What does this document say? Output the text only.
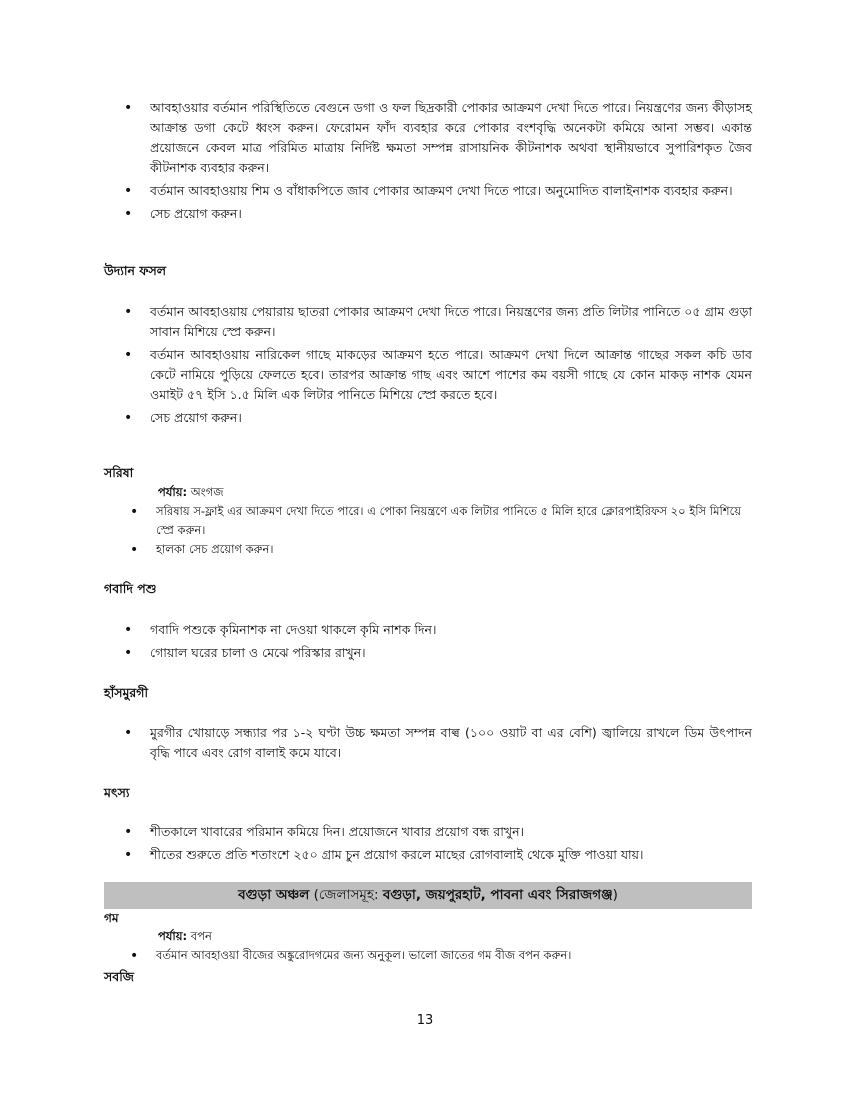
• আবহাওয়ার বর্তমান পরিস্থিতিতে বেগুনে ডগা ও ফল ছিদ্রকারী পোকার আক্রমণ দেখা দিতে পারে। নিয়ন্ত্রণের জন্য কীড়াসহ আক্রান্ত ডগা কেটে ধ্বংস করুন। ফেরোমন ফাঁদ ব্যবহার করে পোকার বংশবৃদ্ধি অনেকটা কমিয়ে আনা সম্ভব। একান্ত প্রয়োজনে কেবল মাত্র পরিমিত মাত্রায় নির্দিষ্ট ক্ষমতা সম্পন্ন রাসায়নিক কীটনাশক অথবা স্থানীয়ভাবে সুপারিশকৃত জৈব কীটনাশক ব্যবহার করুন।
• বর্তমান আবহাওয়ায় শিম ও বাঁধাকপিতে জাব পোকার আক্রমণ দেখা দিতে পারে। অনুমোদিত বালাইনাশক ব্যবহার করুন।
• সেচ প্রয়োগ করুন।
উদ্যান ফসল
• বর্তমান আবহাওয়ায় পেয়ারায় ছাতরা পোকার আক্রমণ দেখা দিতে পারে। নিয়ন্ত্রণের জন্য প্রতি লিটার পানিতে ০৫ গ্রাম গুড়া সাবান মিশিয়ে স্প্রে করুন।
• বর্তমান আবহাওয়ায় নারিকেল গাছে মাকড়ের আক্রমণ হতে পারে। আক্রমণ দেখা দিলে আক্রান্ত গাছের সকল কচি ডাব কেটে নামিয়ে পুড়িয়ে ফেলতে হবে। তারপর আক্রান্ত গাছ এবং আশে পাশের কম বয়সী গাছে যে কোন মাকড় নাশক যেমন ওমাইট ৫৭ ইসি ১.৫ মিলি এক লিটার পানিতে মিশিয়ে স্প্রে করতে হবে।
• সেচ প্রয়োগ করুন।
সরিষা
পর্যায়: অংগজ
• সরিষায় স-ফ্লাই এর আক্রমণ দেখা দিতে পারে। এ পোকা নিয়ন্ত্রণে এক লিটার পানিতে ৫ মিলি হারে ক্লোরপাইরিফস ২০ ইসি মিশিয়ে স্প্রে করুন।
• হালকা সেচ প্রয়োগ করুন।
গবাদি পশু
• গবাদি পশুকে কৃমিনাশক না দেওয়া থাকলে কৃমি নাশক দিন।
• গোয়াল ঘরের চালা ও মেঝে পরিস্কার রাখুন।
হাঁসমুরগী
• মুরগীর খোয়াড়ে সন্ধ্যার পর ১-২ ঘণ্টা উচ্চ ক্ষমতা সম্পন্ন বাল্ব (১০০ ওয়াট বা এর বেশি) জ্বালিয়ে রাখলে ডিম উৎপাদন বৃদ্ধি পাবে এবং রোগ বালাই কমে যাবে।
মৎস্য
• শীতকালে খাবারের পরিমান কমিয়ে দিন। প্রয়োজনে খাবার প্রয়োগ বন্ধ রাখুন।
• শীতের শুরুতে প্রতি শতাংশে ২৫০ গ্রাম চুন প্রয়োগ করলে মাছের রোগবালাই থেকে মুক্তি পাওয়া যায়।
বগুড়া অঞ্চল (জেলাসমূহ: বগুড়া, জয়পুরহাট, পাবনা এবং সিরাজগঞ্জ)
গম
পর্যায়: বপন
• বর্তমান আবহাওয়া বীজের অঙ্কুরোদগমের জন্য অনুকূল। ভালো জাতের গম বীজ বপন করুন।
সবজি
13
